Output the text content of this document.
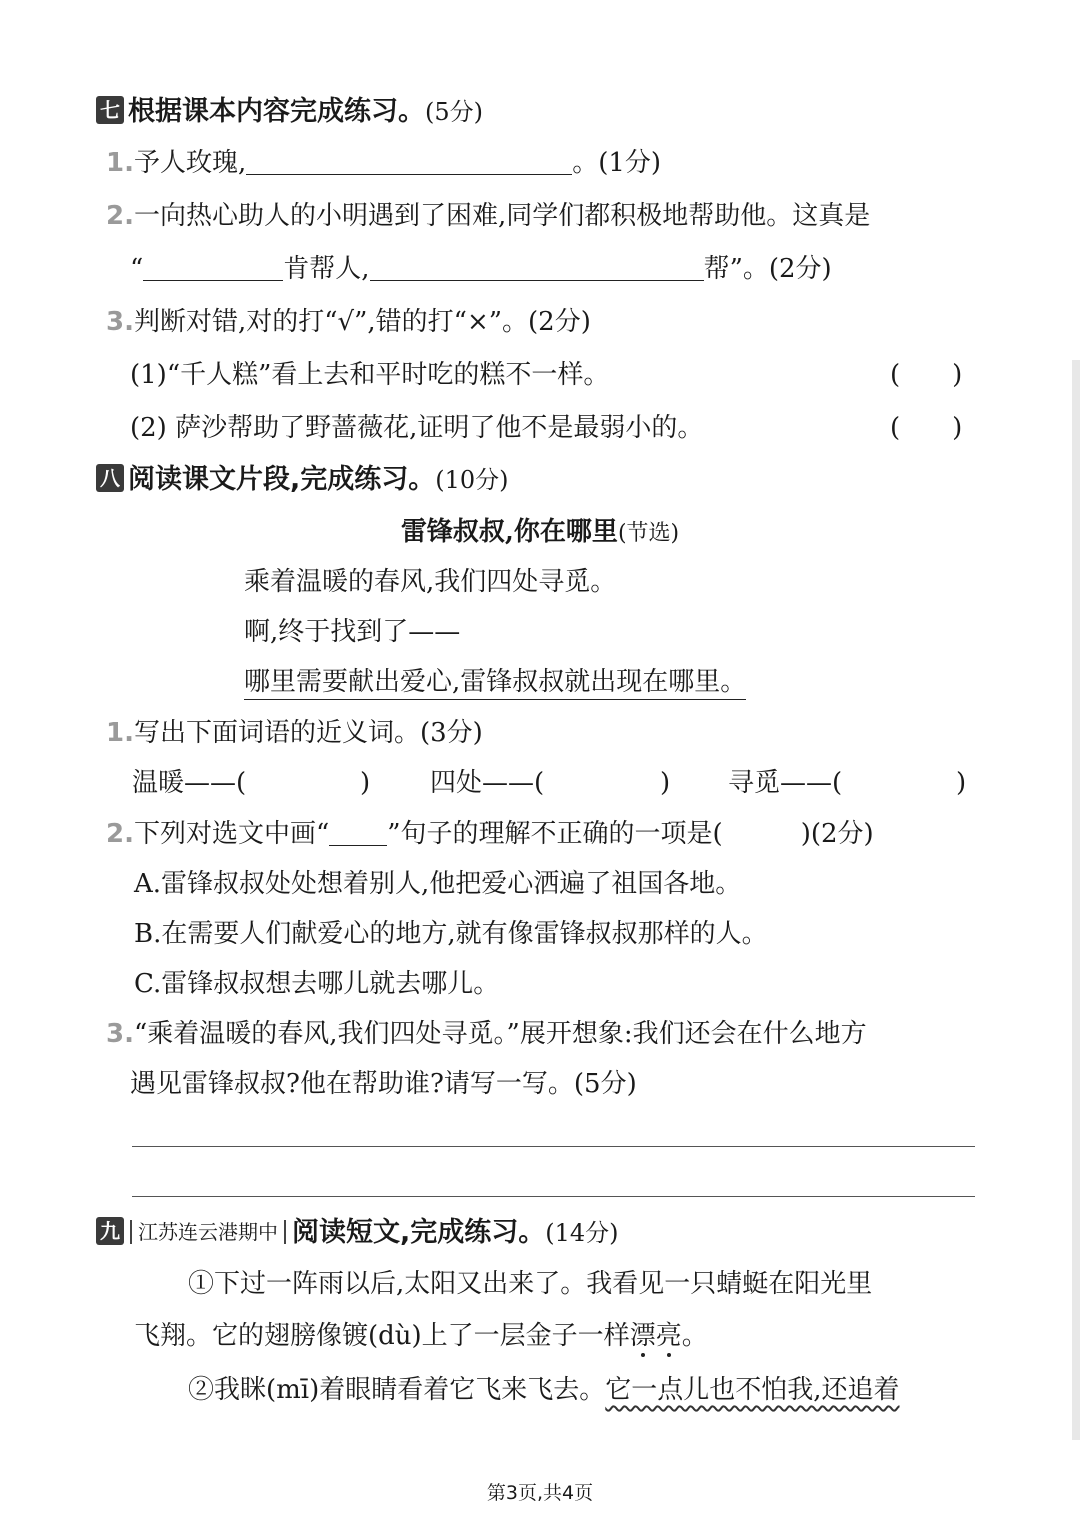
七 根据课本内容完成练习。(5分)
1.予人玫瑰,	。(1分)
2.一向热心助人的小明遇到了困难,同学们都积极地帮助他。这真是
“	肯帮人,	帮”。(2分)
3.判断对错,对的打“√”,错的打“×”。(2分)
(1)“千人糕”看上去和平时吃的糕不一样。	(　　)
(2) 萨沙帮助了野蔷薇花,证明了他不是最弱小的。	(　　)
八 阅读课文片段,完成练习。(10分)
雷锋叔叔,你在哪里(节选)
乘着温暖的春风,我们四处寻觅。
啊,终于找到了——
哪里需要献出爱心,雷锋叔叔就出现在哪里。
1.写出下面词语的近义词。(3分)
温暖——(	) 四处——(	) 寻觅——(	)
2.下列对选文中画“ ”句子的理解不正确的一项是(　　　)(2分)
A.雷锋叔叔处处想着别人,他把爱心洒遍了祖国各地。
B.在需要人们献爱心的地方,就有像雷锋叔叔那样的人。
C.雷锋叔叔想去哪儿就去哪儿。
3.“乘着温暖的春风,我们四处寻觅。”展开想象:我们还会在什么地方
遇见雷锋叔叔?他在帮助谁?请写一写。(5分)
九 江苏连云港期中 阅读短文,完成练习。(14分)
①下过一阵雨以后,太阳又出来了。我看见一只蜻蜓在阳光里
飞翔。它的翅膀像镀(dù)上了一层金子一样漂亮。
②我眯(mī)着眼睛看着它飞来飞去。它一点儿也不怕我,还追着
第3页,共4页
